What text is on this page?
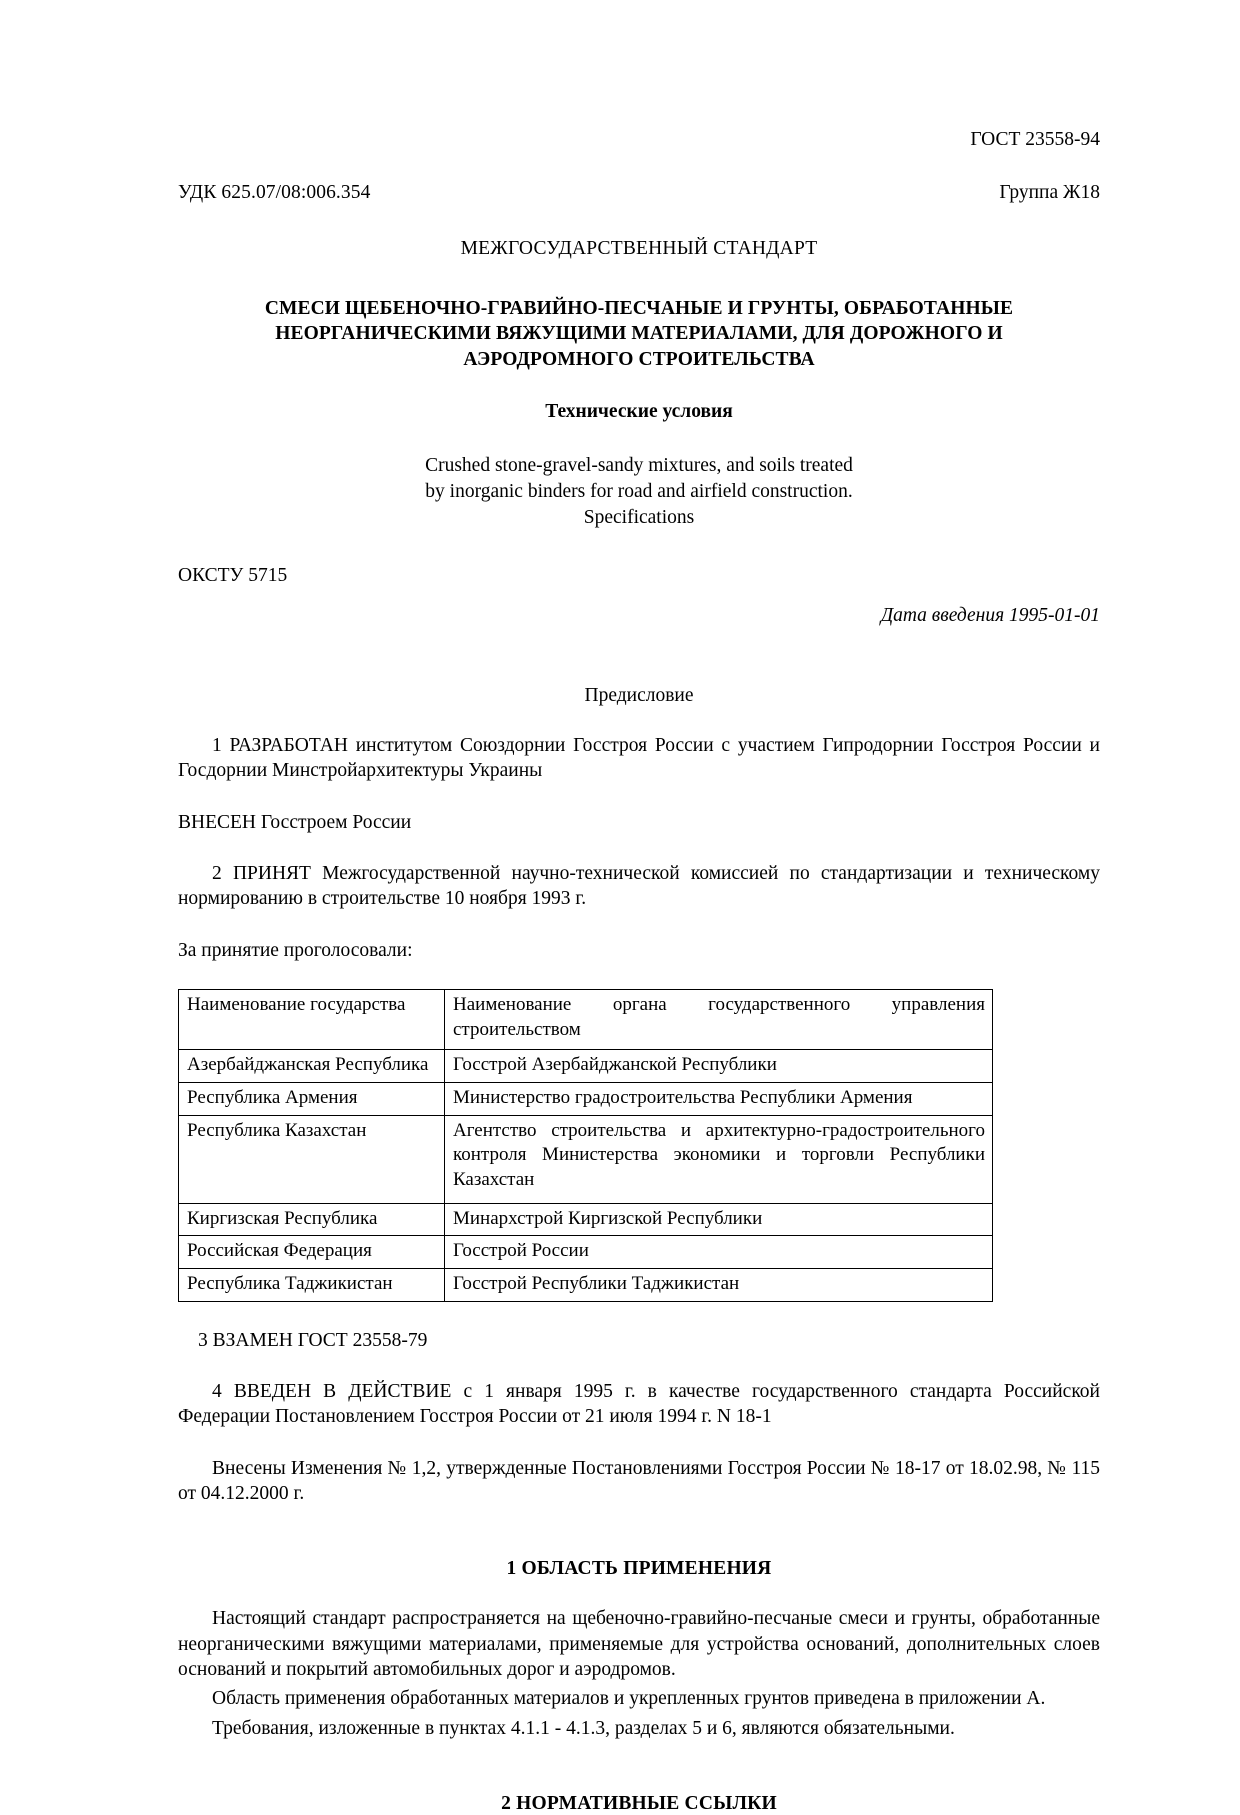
ГОСТ 23558-94
УДК 625.07/08:006.354	Группа Ж18
МЕЖГОСУДАРСТВЕННЫЙ СТАНДАРТ
СМЕСИ ЩЕБЕНОЧНО-ГРАВИЙНО-ПЕСЧАНЫЕ И ГРУНТЫ, ОБРАБОТАННЫЕ НЕОРГАНИЧЕСКИМИ ВЯЖУЩИМИ МАТЕРИАЛАМИ, ДЛЯ ДОРОЖНОГО И АЭРОДРОМНОГО СТРОИТЕЛЬСТВА
Технические условия
Crushed stone-gravel-sandy mixtures, and soils treated
by inorganic binders for road and airfield construction.
Specifications
ОКСТУ 5715
Дата введения 1995-01-01
Предисловие

1 РАЗРАБОТАН институтом Союздорнии Госстроя России с участием Гипродорнии Госстроя России и Госдорнии Минстройархитектуры Украины

ВНЕСЕН Госстроем России

2 ПРИНЯТ Межгосударственной научно-технической комиссией по стандартизации и техническому нормированию в строительстве 10 ноября 1993 г.

За принятие проголосовали:

Наименование государства	Наименование органа государственного управления строительством
Азербайджанская Республика	Госстрой Азербайджанской Республики
Республика Армения	Министерство градостроительства Республики Армения
Республика Казахстан	Агентство строительства и архитектурно-градостроительного контроля Министерства экономики и торговли Республики Казахстан
Киргизская Республика	Минархстрой Киргизской Республики
Российская Федерация	Госстрой России
Республика Таджикистан	Госстрой Республики Таджикистан

3 ВЗАМЕН ГОСТ 23558-79

4 ВВЕДЕН В ДЕЙСТВИЕ с 1 января 1995 г. в качестве государственного стандарта Российской Федерации Постановлением Госстроя России от 21 июля 1994 г. N 18-1

Внесены Изменения № 1,2, утвержденные Постановлениями Госстроя России № 18-17 от 18.02.98, № 115 от 04.12.2000 г.

1 ОБЛАСТЬ ПРИМЕНЕНИЯ

Настоящий стандарт распространяется на щебеночно-гравийно-песчаные смеси и грунты, обработанные неорганическими вяжущими материалами, применяемые для устройства оснований, дополнительных слоев оснований и покрытий автомобильных дорог и аэродромов.

Область применения обработанных материалов и укрепленных грунтов приведена в приложении А.

Требования, изложенные в пунктах 4.1.1 - 4.1.3, разделах 5 и 6, являются обязательными.

2 НОРМАТИВНЫЕ ССЫЛКИ
